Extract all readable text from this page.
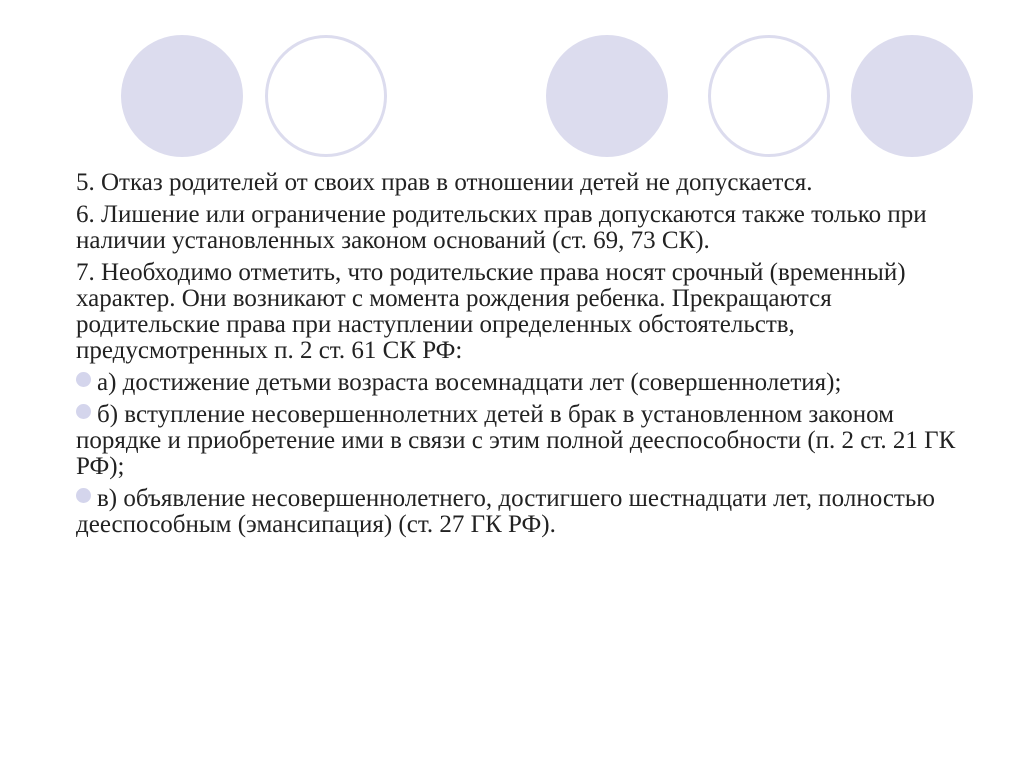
5. Отказ родителей от своих прав в отношении детей не допускается.

6. Лишение или ограничение родительских прав допускаются также только при наличии установленных законом оснований (ст. 69, 73 СК).

7. Необходимо отметить, что родительские права носят срочный (временный) характер. Они возникают с момента рождения ребенка. Прекращаются родительские права при наступлении определенных обстоятельств, предусмотренных п. 2 ст. 61 СК РФ:

а) достижение детьми возраста восемнадцати лет (совершеннолетия);
б) вступление несовершеннолетних детей в брак в установленном законом порядке и приобретение ими в связи с этим полной дееспособности (п. 2 ст. 21 ГК РФ);
в) объявление несовершеннолетнего, достигшего шестнадцати лет, полностью дееспособным (эмансипация) (ст. 27 ГК РФ).
